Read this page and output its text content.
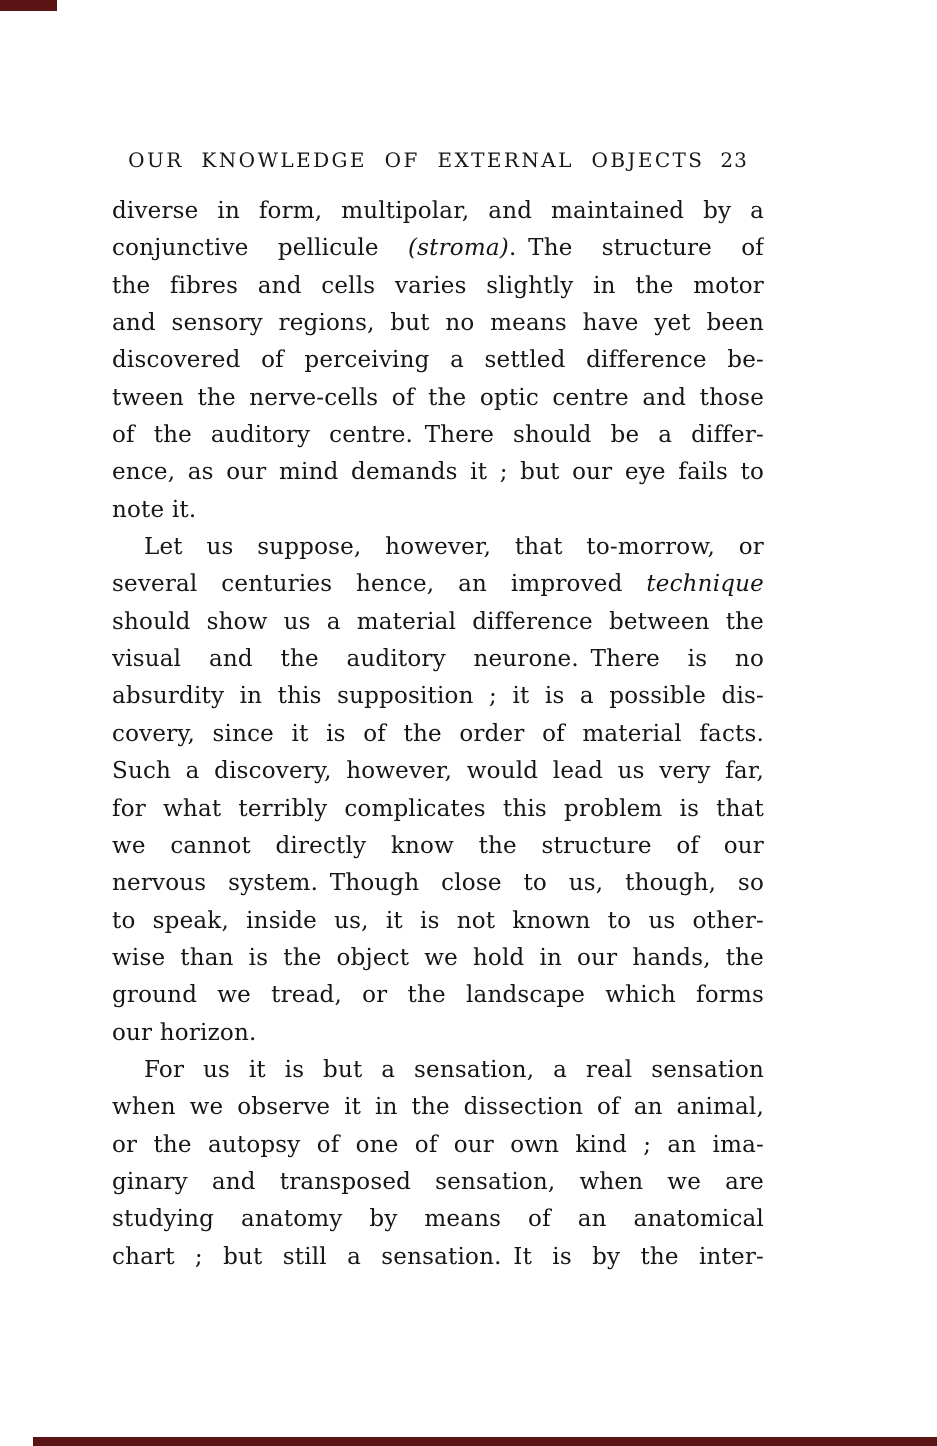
OUR KNOWLEDGE OF EXTERNAL OBJECTS 23
diverse in form, multipolar, and maintained by a
conjunctive pellicule (stroma). The structure of
the fibres and cells varies slightly in the motor
and sensory regions, but no means have yet been
discovered of perceiving a settled difference be-
tween the nerve-cells of the optic centre and those
of the auditory centre. There should be a differ-
ence, as our mind demands it ; but our eye fails to
note it.
Let us suppose, however, that to-morrow, or
several centuries hence, an improved technique
should show us a material difference between the
visual and the auditory neurone. There is no
absurdity in this supposition ; it is a possible dis-
covery, since it is of the order of material facts.
Such a discovery, however, would lead us very far,
for what terribly complicates this problem is that
we cannot directly know the structure of our
nervous system. Though close to us, though, so
to speak, inside us, it is not known to us other-
wise than is the object we hold in our hands, the
ground we tread, or the landscape which forms
our horizon.
For us it is but a sensation, a real sensation
when we observe it in the dissection of an animal,
or the autopsy of one of our own kind ; an ima-
ginary and transposed sensation, when we are
studying anatomy by means of an anatomical
chart ; but still a sensation. It is by the inter-
